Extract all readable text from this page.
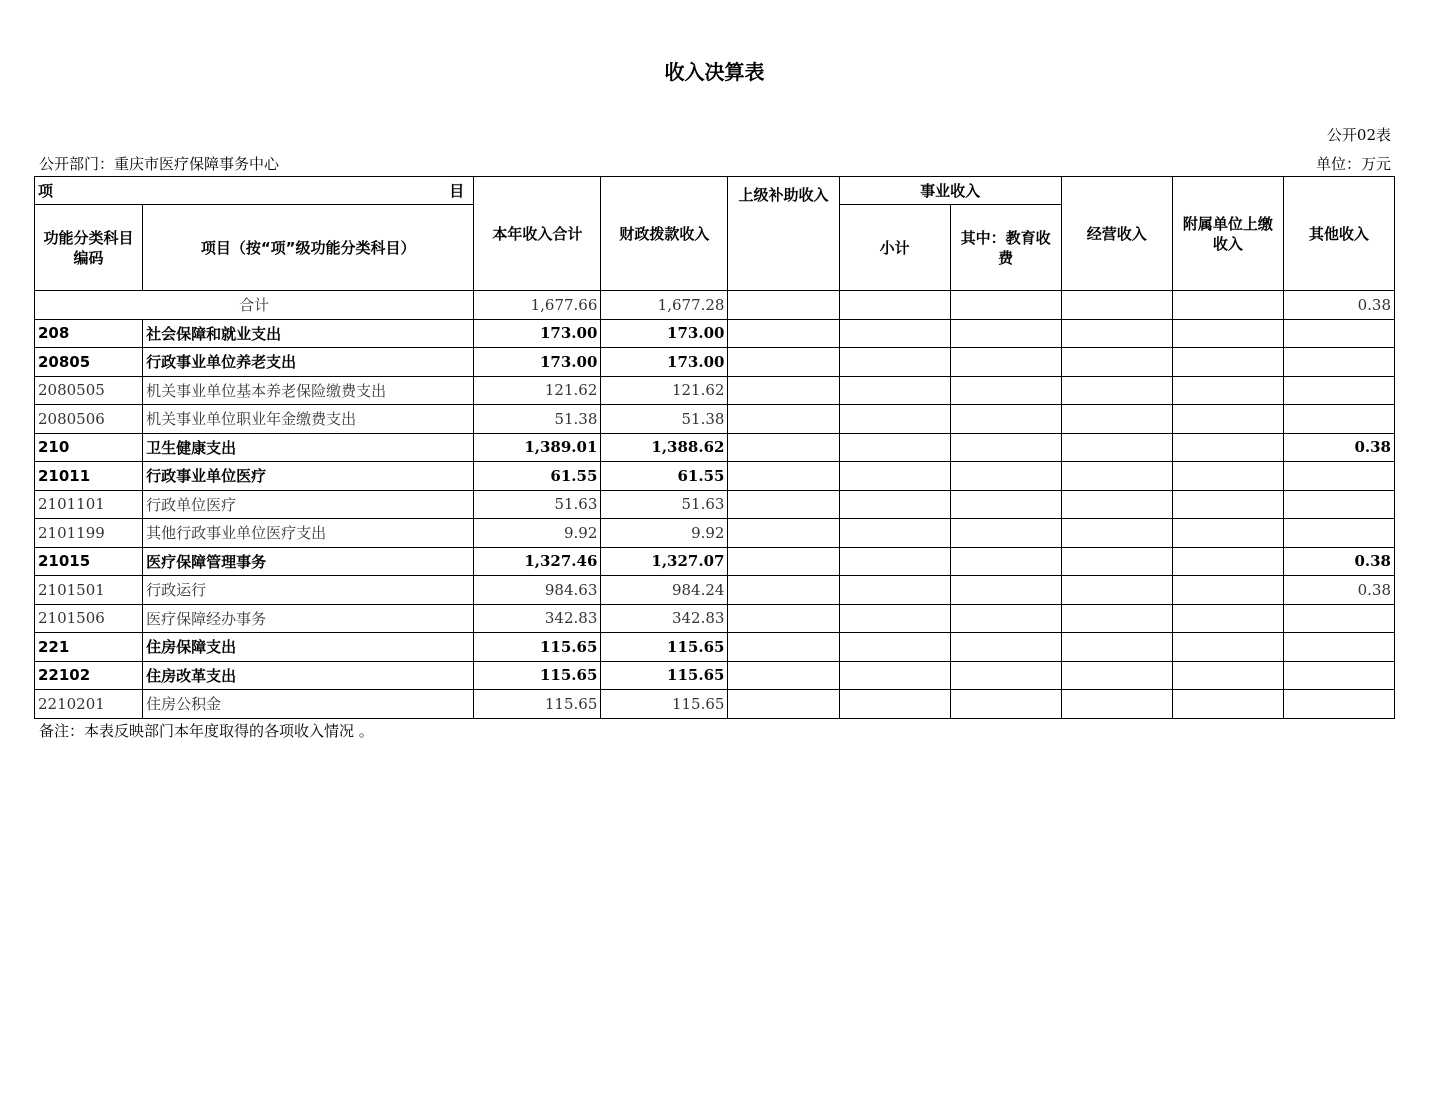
收入决算表
公开02表
公开部门：重庆市医疗保障事务中心	单位：万元
项 目		本年收入合计	财政拨款收入	上级补助收入	事业收入		经营收入	附属单位上缴收入	其他收入
功能分类科目编码	项目（按“项”级功能分类科目）				小计	其中：教育收费			
合计		1,677.66	1,677.28						0.38
208	社会保障和就业支出	173.00	173.00						
20805	行政事业单位养老支出	173.00	173.00						
2080505	机关事业单位基本养老保险缴费支出	121.62	121.62						
2080506	机关事业单位职业年金缴费支出	51.38	51.38						
210	卫生健康支出	1,389.01	1,388.62						0.38
21011	行政事业单位医疗	61.55	61.55						
2101101	行政单位医疗	51.63	51.63						
2101199	其他行政事业单位医疗支出	9.92	9.92						
21015	医疗保障管理事务	1,327.46	1,327.07						0.38
2101501	行政运行	984.63	984.24						0.38
2101506	医疗保障经办事务	342.83	342.83						
221	住房保障支出	115.65	115.65						
22102	住房改革支出	115.65	115.65						
2210201	住房公积金	115.65	115.65						
备注：本表反映部门本年度取得的各项收入情况 。
